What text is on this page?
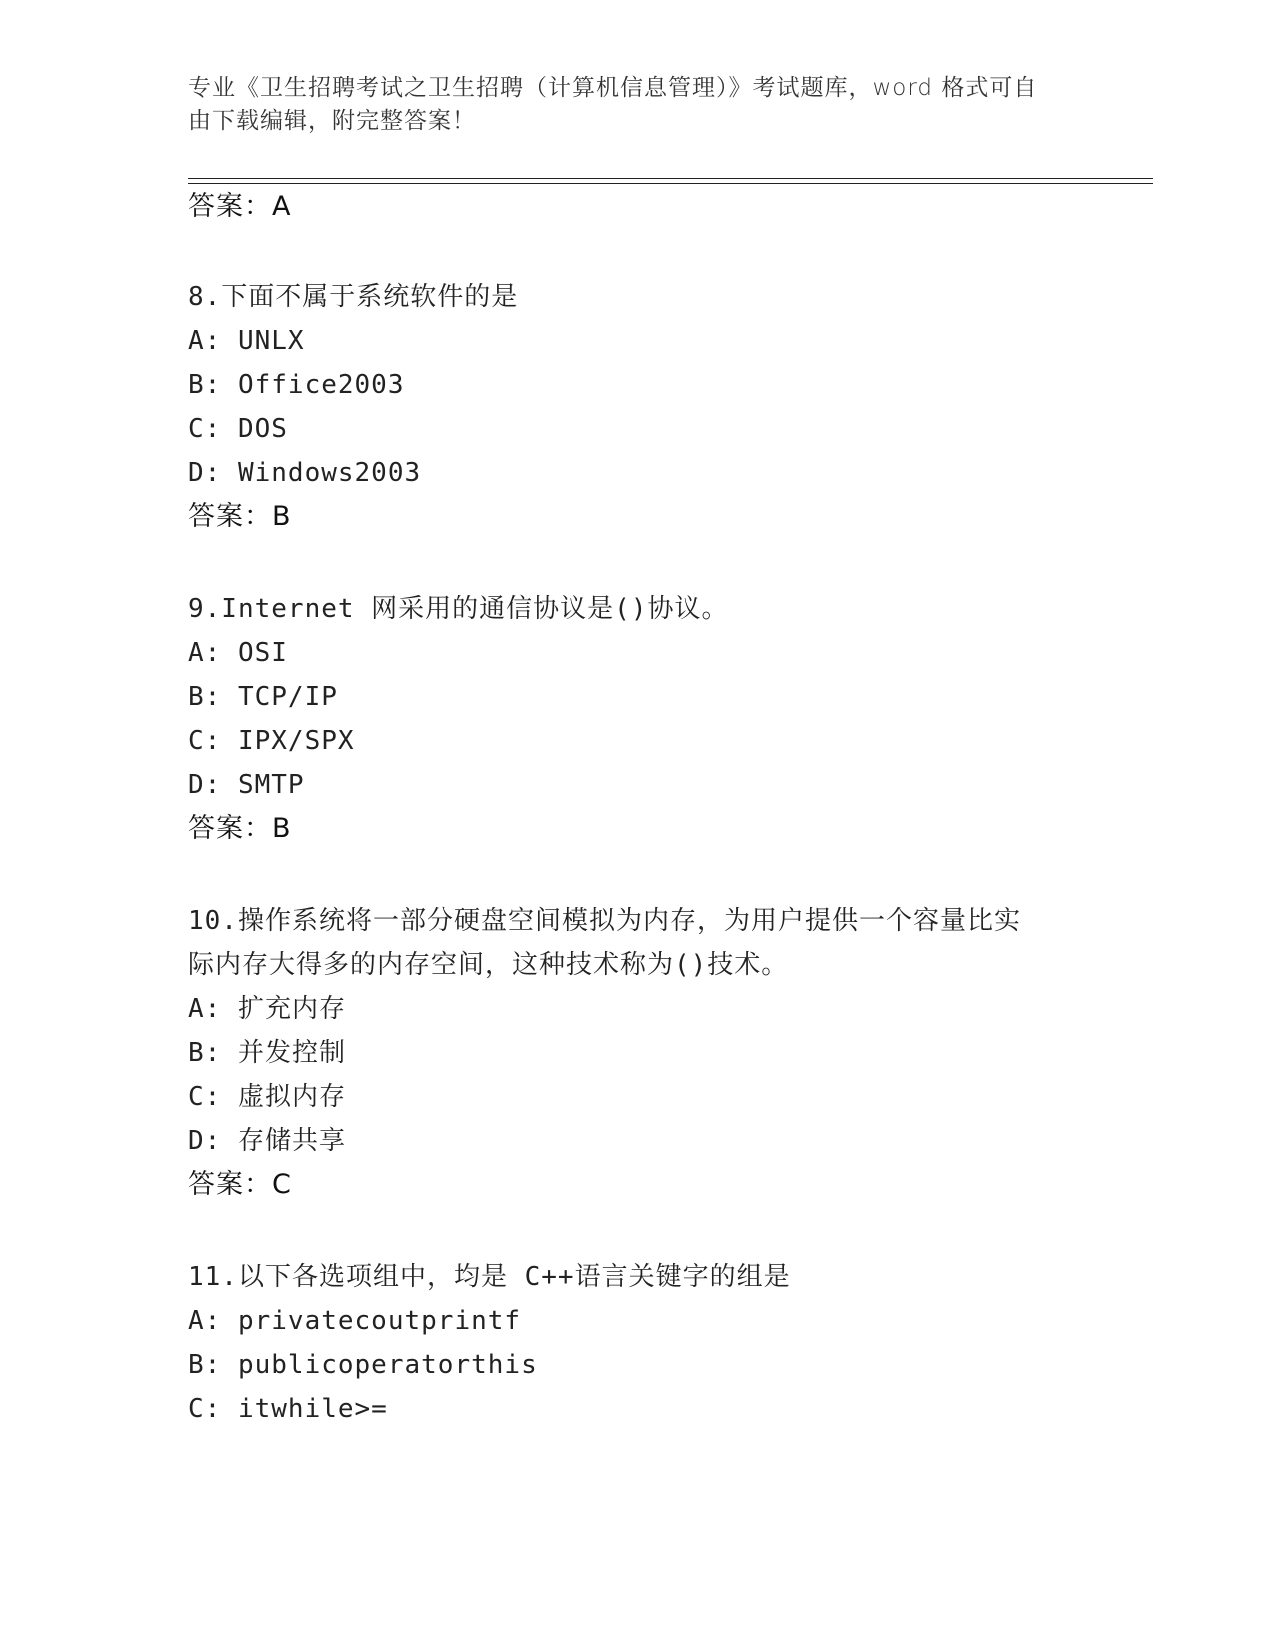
专业《卫生招聘考试之卫生招聘（计算机信息管理）》考试题库，word 格式可自
由下载编辑，附完整答案！
答案：A
8.下面不属于系统软件的是
A: UNLX
B: Office2003
C: DOS
D: Windows2003
答案：B
9.Internet 网采用的通信协议是()协议。
A: OSI
B: TCP/IP
C: IPX/SPX
D: SMTP
答案：B
10.操作系统将一部分硬盘空间模拟为内存，为用户提供一个容量比实
际内存大得多的内存空间，这种技术称为()技术。
A: 扩充内存
B: 并发控制
C: 虚拟内存
D: 存储共享
答案：C
11.以下各选项组中，均是 C++语言关键字的组是
A: privatecoutprintf
B: publicoperatorthis
C: itwhile>=
